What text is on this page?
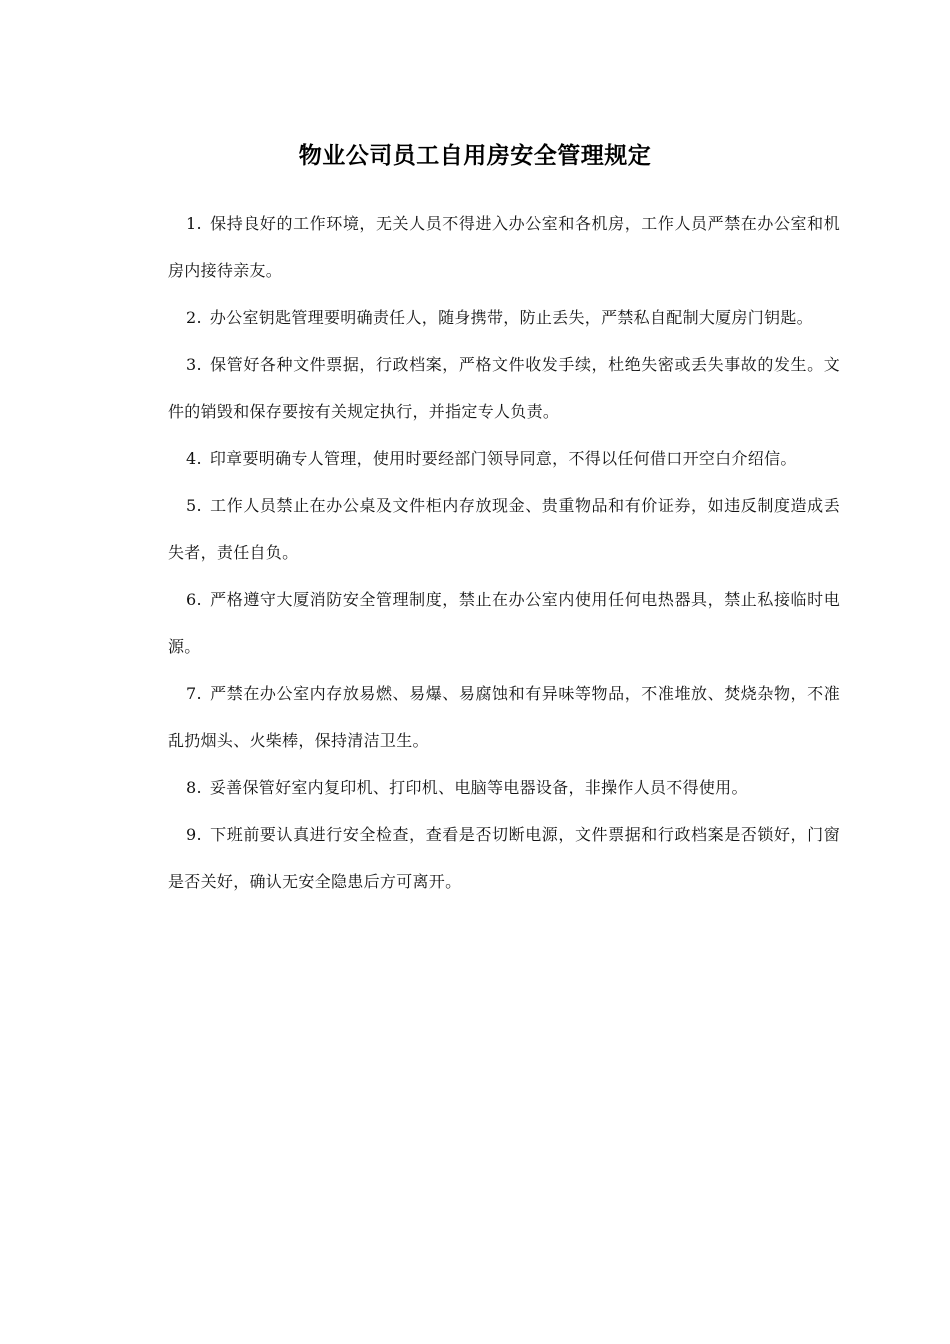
物业公司员工自用房安全管理规定
1. 保持良好的工作环境，无关人员不得进入办公室和各机房，工作人员严禁在办公室和机房内接待亲友。
2. 办公室钥匙管理要明确责任人，随身携带，防止丢失，严禁私自配制大厦房门钥匙。
3. 保管好各种文件票据，行政档案，严格文件收发手续，杜绝失密或丢失事故的发生。文件的销毁和保存要按有关规定执行，并指定专人负责。
4. 印章要明确专人管理，使用时要经部门领导同意，不得以任何借口开空白介绍信。
5. 工作人员禁止在办公桌及文件柜内存放现金、贵重物品和有价证券，如违反制度造成丢失者，责任自负。
6. 严格遵守大厦消防安全管理制度，禁止在办公室内使用任何电热器具，禁止私接临时电源。
7. 严禁在办公室内存放易燃、易爆、易腐蚀和有异味等物品，不准堆放、焚烧杂物，不准乱扔烟头、火柴棒，保持清洁卫生。
8. 妥善保管好室内复印机、打印机、电脑等电器设备，非操作人员不得使用。
9. 下班前要认真进行安全检查，查看是否切断电源，文件票据和行政档案是否锁好，门窗是否关好，确认无安全隐患后方可离开。
